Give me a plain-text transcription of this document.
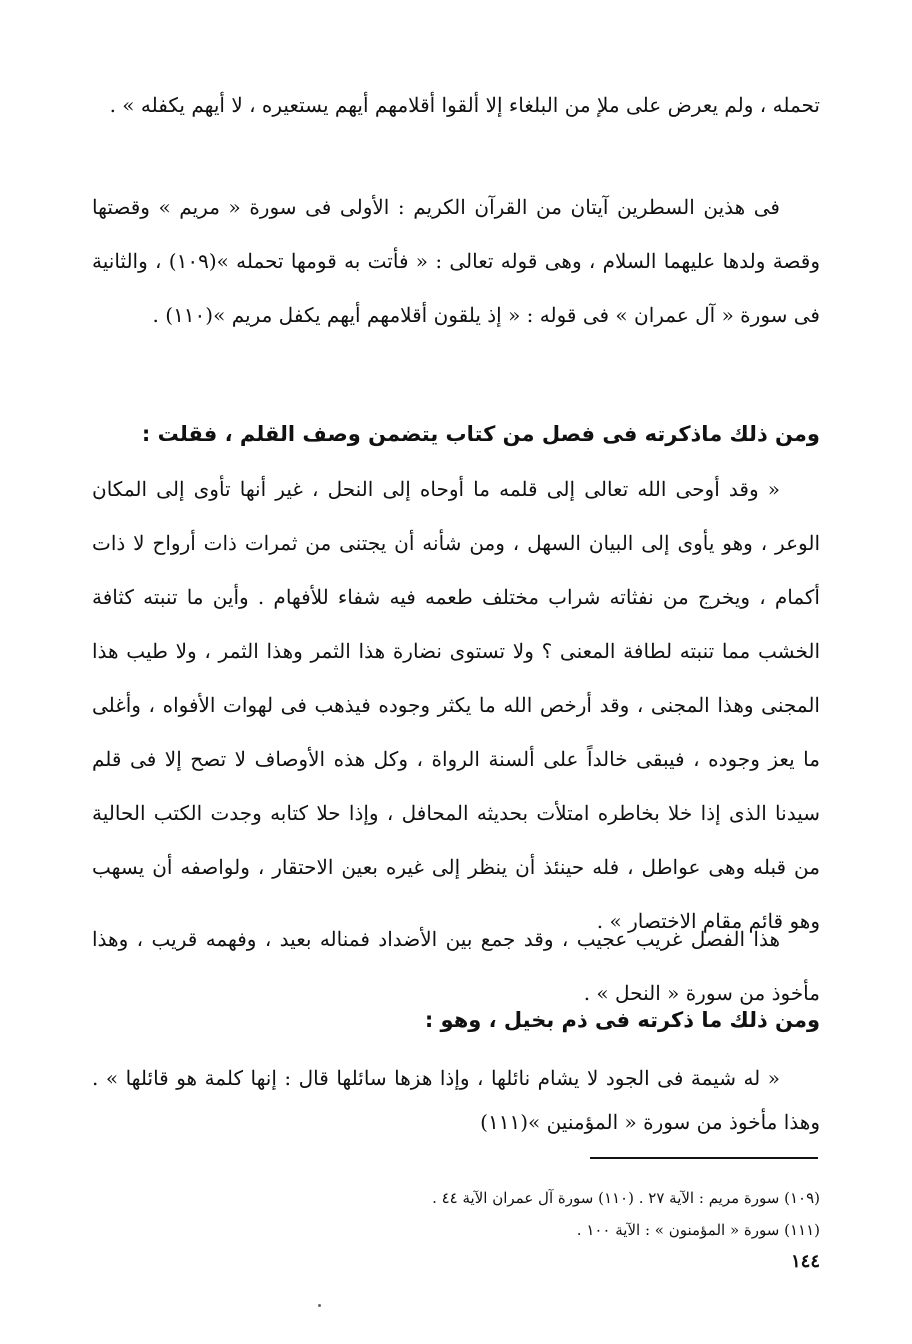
تحمله ، ولم يعرض على ملإ من البلغاء إلا ألقوا أقلامهم أيهم يستعيره ، لا أيهم يكفله » .

فى هذين السطرين آيتان من القرآن الكريم : الأولى فى سورة « مريم » وقصتها وقصة ولدها عليهما السلام ، وهى قوله تعالى : « فأتت به قومها تحمله »(١٠٩) ، والثانية فى سورة « آل عمران » فى قوله : « إذ يلقون أقلامهم أيهم يكفل مريم »(١١٠) .

ومن ذلك ماذكرته فى فصل من كتاب يتضمن وصف القلم ، فقلت :

« وقد أوحى الله تعالى إلى قلمه ما أوحاه إلى النحل ، غير أنها تأوى إلى المكان الوعر ، وهو يأوى إلى البيان السهل ، ومن شأنه أن يجتنى من ثمرات ذات أرواح لا ذات أكمام ، ويخرج من نفثاته شراب مختلف طعمه فيه شفاء للأفهام . وأين ما تنبته كثافة الخشب مما تنبته لطافة المعنى ؟ ولا تستوى نضارة هذا الثمر وهذا الثمر ، ولا طيب هذا المجنى وهذا المجنى ، وقد أرخص الله ما يكثر وجوده فيذهب فى لهوات الأفواه ، وأغلى ما يعز وجوده ، فيبقى خالداً على ألسنة الرواة ، وكل هذه الأوصاف لا تصح إلا فى قلم سيدنا الذى إذا خلا بخاطره امتلأت بحديثه المحافل ، وإذا حلا كتابه وجدت الكتب الحالية من قبله وهى عواطل ، فله حينئذ أن ينظر إلى غيره بعين الاحتقار ، ولواصفه أن يسهب وهو قائم مقام الاختصار » .

هذا الفصل غريب عجيب ، وقد جمع بين الأضداد فمناله بعيد ، وفهمه قريب ، وهذا مأخوذ من سورة « النحل » .

ومن ذلك ما ذكرته فى ذم بخيل ، وهو :

« له شيمة فى الجود لا يشام نائلها ، وإذا هزها سائلها قال : إنها كلمة هو قائلها » . وهذا مأخوذ من سورة « المؤمنين »(١١١)

(١٠٩) سورة مريم : الآية ٢٧ . (١١٠) سورة آل عمران الآية ٤٤ .

(١١١) سورة « المؤمنون » : الآية ١٠٠ .

١٤٤
